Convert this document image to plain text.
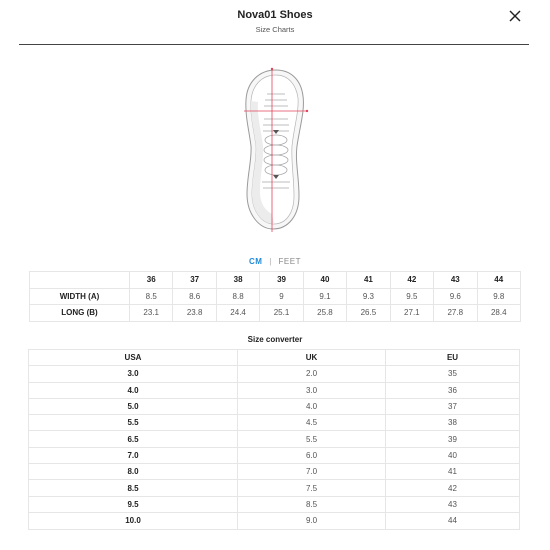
Nova01 Shoes
Size Charts
CM | FEET
	36	37	38	39	40	41	42	43	44
WIDTH (A)	8.5	8.6	8.8	9	9.1	9.3	9.5	9.6	9.8
LONG (B)	23.1	23.8	24.4	25.1	25.8	26.5	27.1	27.8	28.4
Size converter
USA	UK	EU
3.0	2.0	35
4.0	3.0	36
5.0	4.0	37
5.5	4.5	38
6.5	5.5	39
7.0	6.0	40
8.0	7.0	41
8.5	7.5	42
9.5	8.5	43
10.0	9.0	44
